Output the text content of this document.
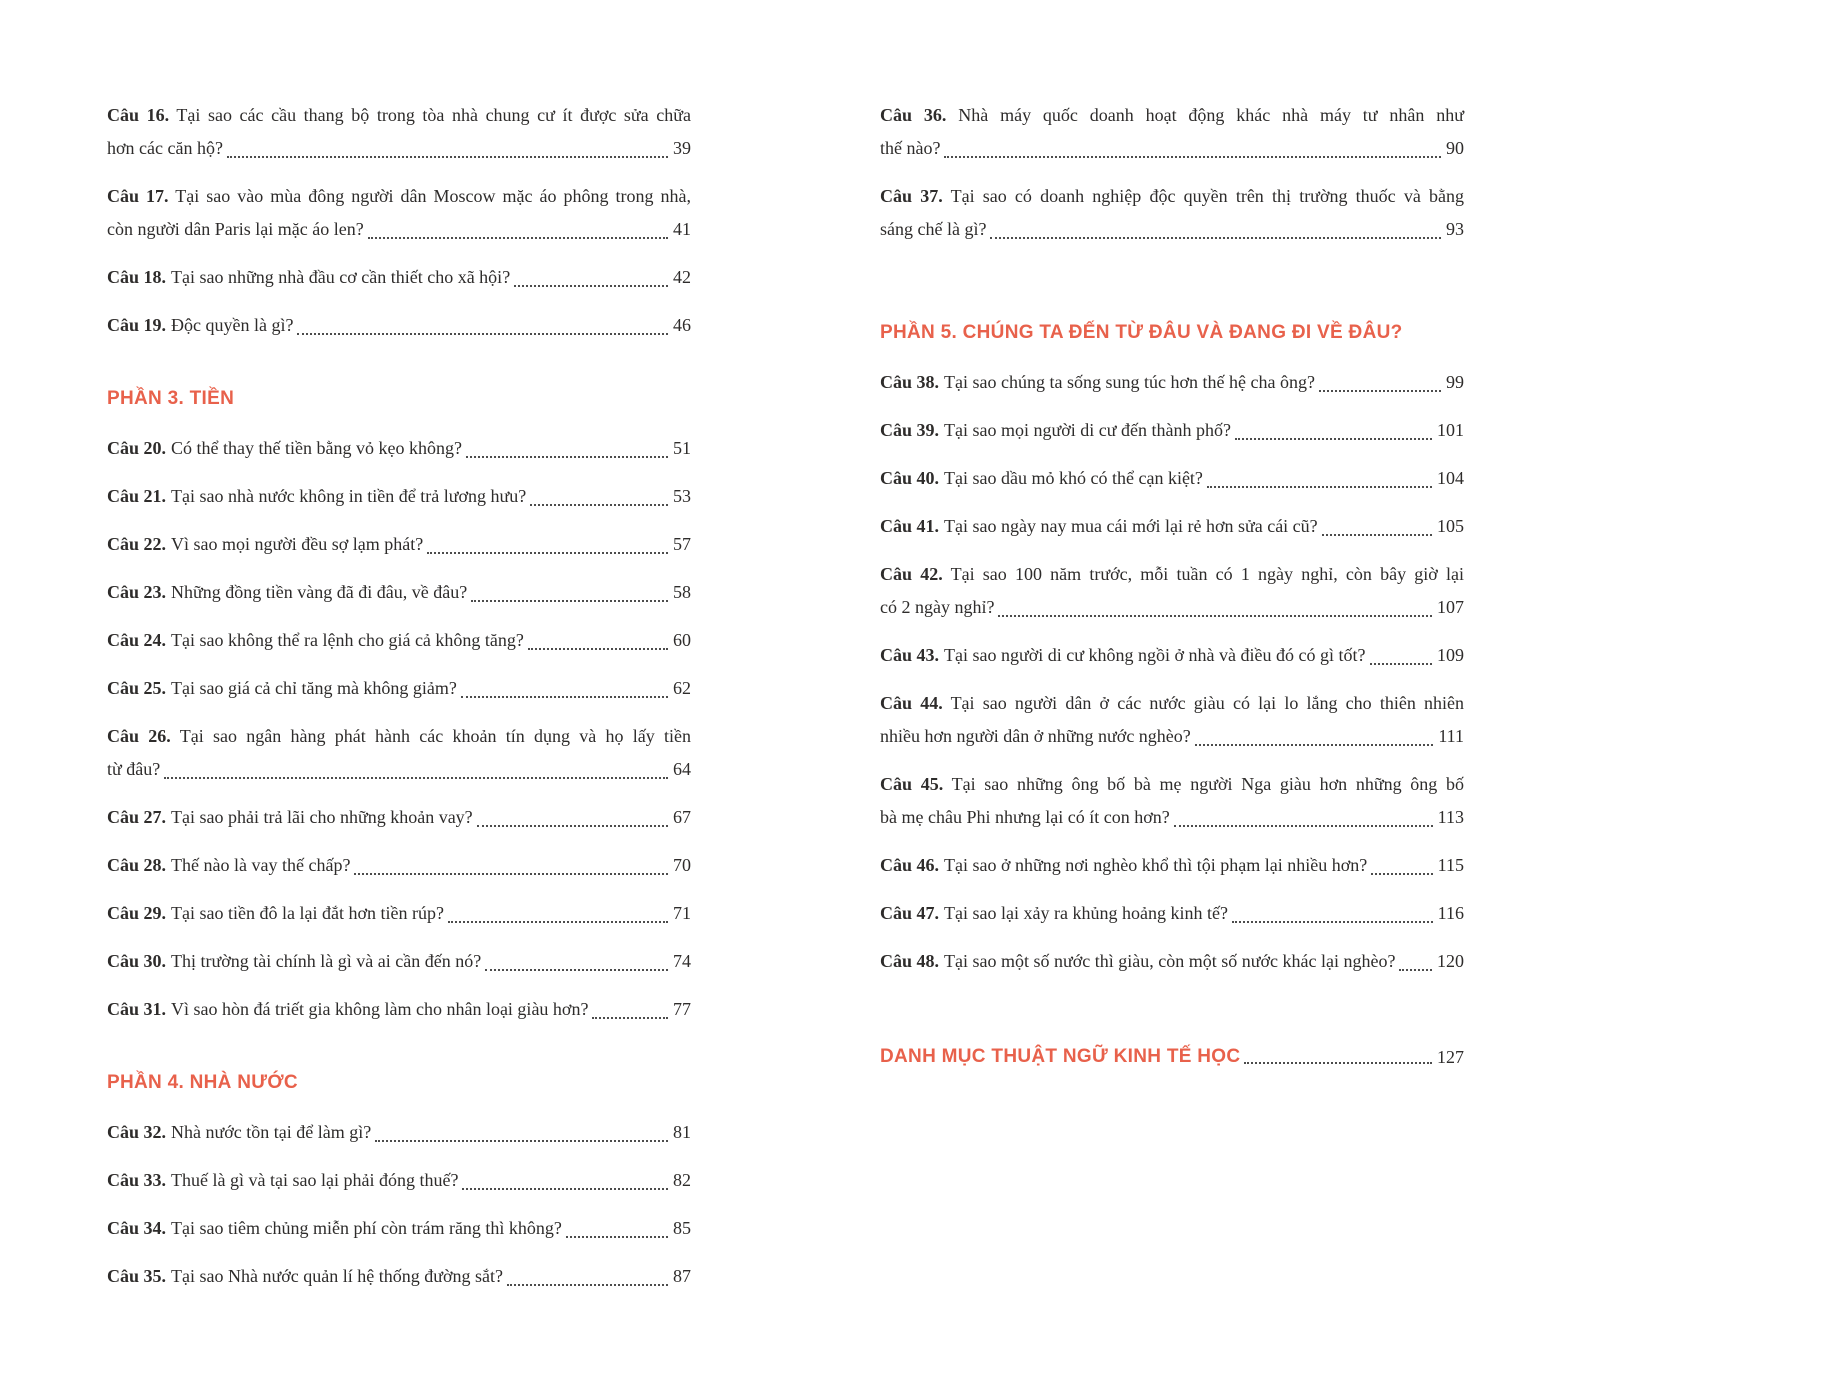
Câu 16. Tại sao các cầu thang bộ trong tòa nhà chung cư ít được sửa chữa
hơn các căn hộ?	39
Câu 17. Tại sao vào mùa đông người dân Moscow mặc áo phông trong nhà,
còn người dân Paris lại mặc áo len?	41
Câu 18. Tại sao những nhà đầu cơ cần thiết cho xã hội?	42
Câu 19. Độc quyền là gì?	46
PHẦN 3. TIỀN
Câu 20. Có thể thay thế tiền bằng vỏ kẹo không?	51
Câu 21. Tại sao nhà nước không in tiền để trả lương hưu?	53
Câu 22. Vì sao mọi người đều sợ lạm phát?	57
Câu 23. Những đồng tiền vàng đã đi đâu, về đâu?	58
Câu 24. Tại sao không thể ra lệnh cho giá cả không tăng?	60
Câu 25. Tại sao giá cả chỉ tăng mà không giảm?	62
Câu 26. Tại sao ngân hàng phát hành các khoản tín dụng và họ lấy tiền
từ đâu?	64
Câu 27. Tại sao phải trả lãi cho những khoản vay?	67
Câu 28. Thế nào là vay thế chấp?	70
Câu 29. Tại sao tiền đô la lại đắt hơn tiền rúp?	71
Câu 30. Thị trường tài chính là gì và ai cần đến nó?	74
Câu 31. Vì sao hòn đá triết gia không làm cho nhân loại giàu hơn?	77
PHẦN 4. NHÀ NƯỚC
Câu 32. Nhà nước tồn tại để làm gì?	81
Câu 33. Thuế là gì và tại sao lại phải đóng thuế?	82
Câu 34. Tại sao tiêm chủng miễn phí còn trám răng thì không?	85
Câu 35. Tại sao Nhà nước quản lí hệ thống đường sắt?	87
Câu 36. Nhà máy quốc doanh hoạt động khác nhà máy tư nhân như
thế nào?	90
Câu 37. Tại sao có doanh nghiệp độc quyền trên thị trường thuốc và bằng
sáng chế là gì?	93
PHẦN 5. CHÚNG TA ĐẾN TỪ ĐÂU VÀ ĐANG ĐI VỀ ĐÂU?
Câu 38. Tại sao chúng ta sống sung túc hơn thế hệ cha ông?	99
Câu 39. Tại sao mọi người di cư đến thành phố?	101
Câu 40. Tại sao dầu mỏ khó có thể cạn kiệt?	104
Câu 41. Tại sao ngày nay mua cái mới lại rẻ hơn sửa cái cũ?	105
Câu 42. Tại sao 100 năm trước, mỗi tuần có 1 ngày nghỉ, còn bây giờ lại
có 2 ngày nghỉ?	107
Câu 43. Tại sao người di cư không ngồi ở nhà và điều đó có gì tốt?	109
Câu 44. Tại sao người dân ở các nước giàu có lại lo lắng cho thiên nhiên
nhiều hơn người dân ở những nước nghèo?	111
Câu 45. Tại sao những ông bố bà mẹ người Nga giàu hơn những ông bố
bà mẹ châu Phi nhưng lại có ít con hơn?	113
Câu 46. Tại sao ở những nơi nghèo khổ thì tội phạm lại nhiều hơn?	115
Câu 47. Tại sao lại xảy ra khủng hoảng kinh tế?	116
Câu 48. Tại sao một số nước thì giàu, còn một số nước khác lại nghèo? 120
DANH MỤC THUẬT NGỮ KINH TẾ HỌC	127
